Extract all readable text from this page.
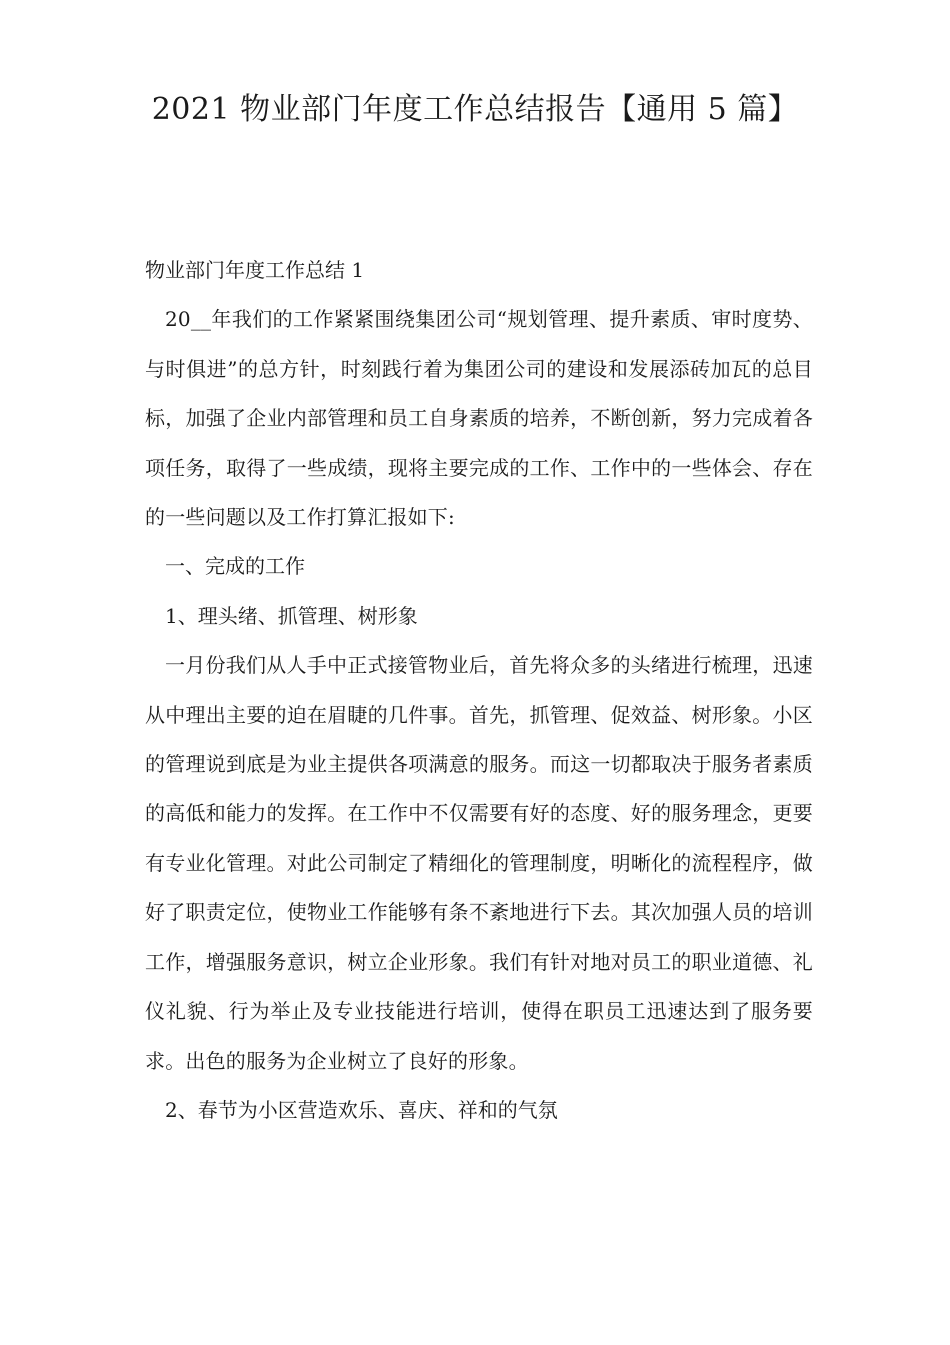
2021 物业部门年度工作总结报告【通用 5 篇】

物业部门年度工作总结 1

20__年我们的工作紧紧围绕集团公司“规划管理、提升素质、审时度势、与时俱进”的总方针，时刻践行着为集团公司的建设和发展添砖加瓦的总目标，加强了企业内部管理和员工自身素质的培养，不断创新，努力完成着各项任务，取得了一些成绩，现将主要完成的工作、工作中的一些体会、存在的一些问题以及工作打算汇报如下:

一、完成的工作

1、理头绪、抓管理、树形象

一月份我们从人手中正式接管物业后，首先将众多的头绪进行梳理，迅速从中理出主要的迫在眉睫的几件事。首先，抓管理、促效益、树形象。小区的管理说到底是为业主提供各项满意的服务。而这一切都取决于服务者素质的高低和能力的发挥。在工作中不仅需要有好的态度、好的服务理念，更要有专业化管理。对此公司制定了精细化的管理制度，明晰化的流程程序，做好了职责定位，使物业工作能够有条不紊地进行下去。其次加强人员的培训工作，增强服务意识，树立企业形象。我们有针对地对员工的职业道德、礼仪礼貌、行为举止及专业技能进行培训，使得在职员工迅速达到了服务要求。出色的服务为企业树立了良好的形象。

2、春节为小区营造欢乐、喜庆、祥和的气氛
